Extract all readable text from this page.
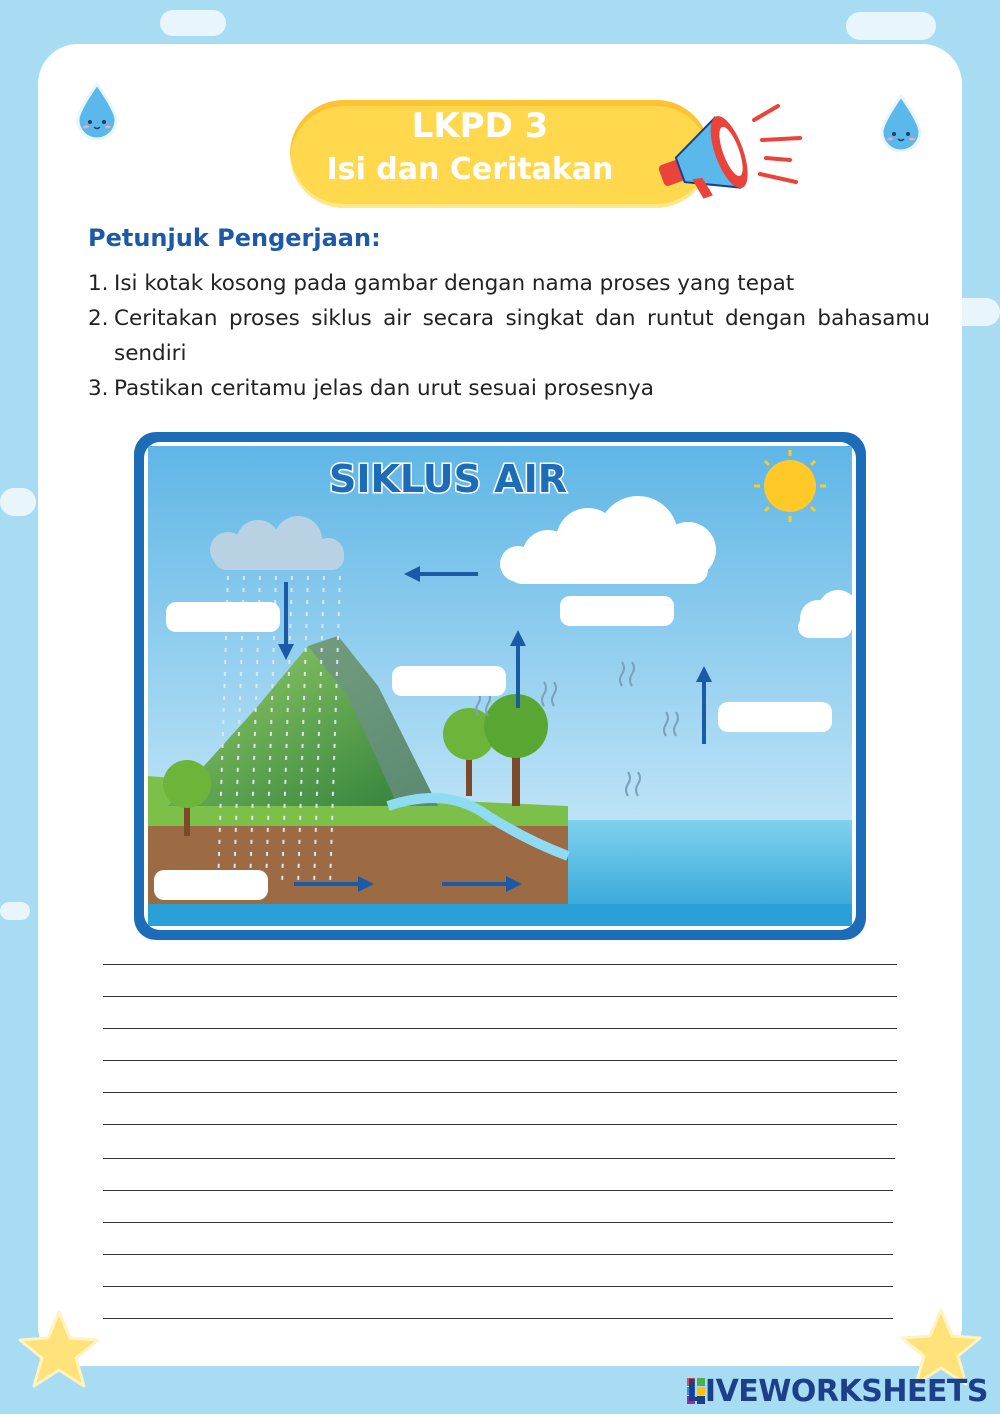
LKPD 3
Isi dan Ceritakan
Petunjuk Pengerjaan:
1. Isi kotak kosong pada gambar dengan nama proses yang tepat
2. Ceritakan proses siklus air secara singkat dan runtut dengan bahasamu sendiri
3. Pastikan ceritamu jelas dan urut sesuai prosesnya
SIKLUS AIR
LIVEWORKSHEETS
